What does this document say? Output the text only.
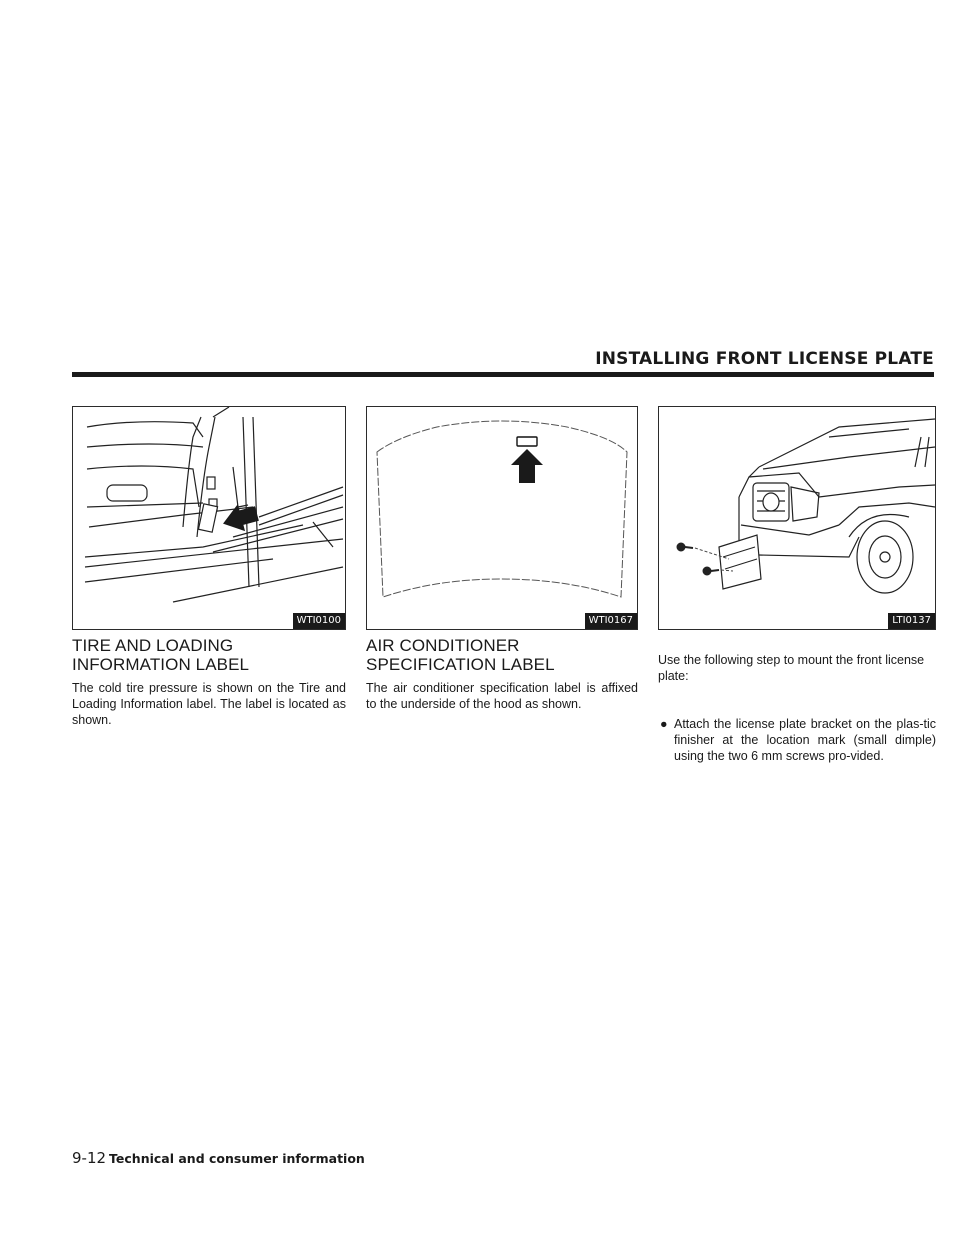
INSTALLING FRONT LICENSE PLATE
WTI0100	WTI0167	LTI0137
TIRE AND LOADING INFORMATION LABEL
The cold tire pressure is shown on the Tire and Loading Information label. The label is located as shown.
AIR CONDITIONER SPECIFICATION LABEL
The air conditioner specification label is affixed to the underside of the hood as shown.
Use the following step to mount the front license plate:
● Attach the license plate bracket on the plas-tic finisher at the location mark (small dimple) using the two 6 mm screws pro-vided.
9-12 Technical and consumer information
